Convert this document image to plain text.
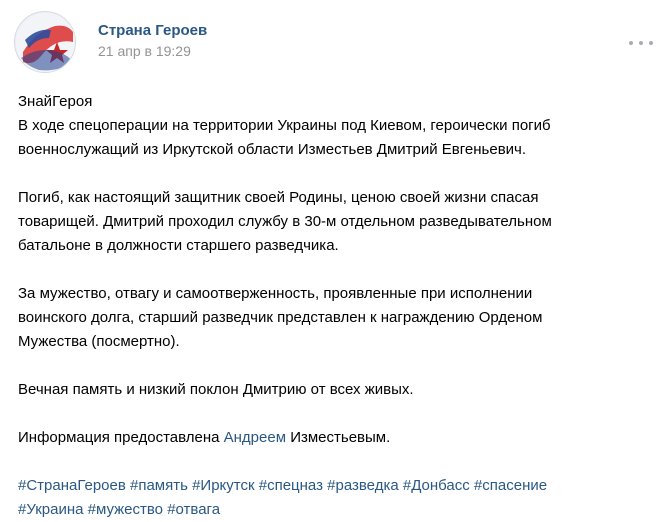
Страна Героев
21 апр в 19:29

ЗнайГероя

В ходе спецоперации на территории Украины под Киевом, героически погиб

военнослужащий из Иркутской области Изместьев Дмитрий Евгеньевич.

Погиб, как настоящий защитник своей Родины, ценою своей жизни спасая

товарищей. Дмитрий проходил службу в 30-м отдельном разведывательном

батальоне в должности старшего разведчика.

За мужество, отвагу и самоотверженность, проявленные при исполнении

воинского долга, старший разведчик представлен к награждению Орденом

Мужества (посмертно).

Вечная память и низкий поклон Дмитрию от всех живых.

Информация предоставлена Андреем Изместьевым.

#СтранаГероев #память #Иркутск #спецназ #разведка #Донбасс #спасение

#Украина #мужество #отвага
